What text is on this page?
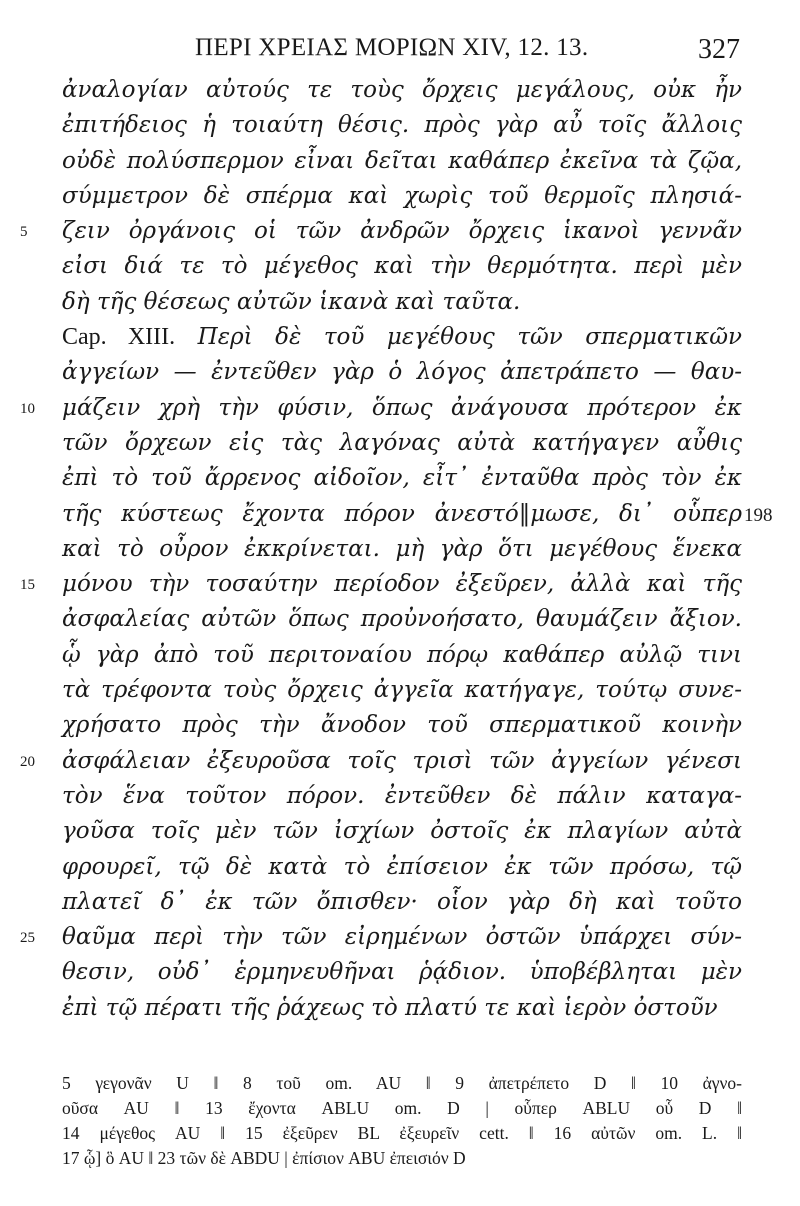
ΠΕΡΙ ΧΡΕΙΑΣ ΜΟΡΙΩΝ XIV, 12. 13.	327
ἀναλογίαν αὐτούς τε τοὺς ὄρχεις μεγάλους, οὐκ ἦν
ἐπιτήδειος ἡ τοιαύτη θέσις. πρὸς γὰρ αὖ τοῖς ἄλλοις
οὐδὲ πολύσπερμον εἶναι δεῖται καθάπερ ἐκεῖνα τὰ ζῷα,
σύμμετρον δὲ σπέρμα καὶ χωρὶς τοῦ θερμοῖς πλησιά-
5	ζειν ὀργάνοις οἱ τῶν ἀνδρῶν ὄρχεις ἱκανοὶ γεννᾶν
εἰσι διά τε τὸ μέγεθος καὶ τὴν θερμότητα. περὶ μὲν
δὴ τῆς θέσεως αὐτῶν ἱκανὰ καὶ ταῦτα.
Cap. XIII. Περὶ δὲ τοῦ μεγέθους τῶν σπερματικῶν
ἀγγείων — ἐντεῦθεν γὰρ ὁ λόγος ἀπετράπετο — θαυ-
10	μάζειν χρὴ τὴν φύσιν, ὅπως ἀνάγουσα πρότερον ἐκ
τῶν ὄρχεων εἰς τὰς λαγόνας αὐτὰ κατήγαγεν αὖθις
ἐπὶ τὸ τοῦ ἄρρενος αἰδοῖον, εἶτ᾽ ἐνταῦθα πρὸς τὸν ἐκ
τῆς κύστεως ἔχοντα πόρον ἀνεστό‖μωσε, δι᾽ οὗπερ 198
καὶ τὸ οὖρον ἐκκρίνεται. μὴ γὰρ ὅτι μεγέθους ἕνεκα
15	μόνου τὴν τοσαύτην περίοδον ἐξεῦρεν, ἀλλὰ καὶ τῆς
ἀσφαλείας αὐτῶν ὅπως προὐνοήσατο, θαυμάζειν ἄξιον.
ᾧ γὰρ ἀπὸ τοῦ περιτοναίου πόρῳ καθάπερ αὐλῷ τινι
τὰ τρέφοντα τοὺς ὄρχεις ἀγγεῖα κατήγαγε, τούτῳ συνε-
χρήσατο πρὸς τὴν ἄνοδον τοῦ σπερματικοῦ κοινὴν
20	ἀσφάλειαν ἐξευροῦσα τοῖς τρισὶ τῶν ἀγγείων γένεσι
τὸν ἕνα τοῦτον πόρον. ἐντεῦθεν δὲ πάλιν καταγα-
γοῦσα τοῖς μὲν τῶν ἰσχίων ὀστοῖς ἐκ πλαγίων αὐτὰ
φρουρεῖ, τῷ δὲ κατὰ τὸ ἐπίσειον ἐκ τῶν πρόσω, τῷ
πλατεῖ δ᾽ ἐκ τῶν ὄπισθεν· οἷον γὰρ δὴ καὶ τοῦτο
25	θαῦμα περὶ τὴν τῶν εἰρημένων ὀστῶν ὑπάρχει σύν-
θεσιν, οὐδ᾽ ἑρμηνευθῆναι ῥᾴδιον. ὑποβέβληται μὲν
ἐπὶ τῷ πέρατι τῆς ῥάχεως τὸ πλατύ τε καὶ ἱερὸν ὀστοῦν
5 γεγονᾶν U ‖ 8 τοῦ om. AU ‖ 9 ἀπετρέπετο D ‖ 10 ἀγνο-
οῦσα AU ‖ 13 ἔχοντα ABLU om. D | οὗπερ ABLU οὗ D ‖
14 μέγεθος AU ‖ 15 ἐξεῦρεν BL ἐξευρεῖν cett. ‖ 16 αὐτῶν om. L. ‖
17 ᾧ] ὃ AU ‖ 23 τῶν δὲ ABDU | ἐπίσιον ABU ἐπεισιόν D
